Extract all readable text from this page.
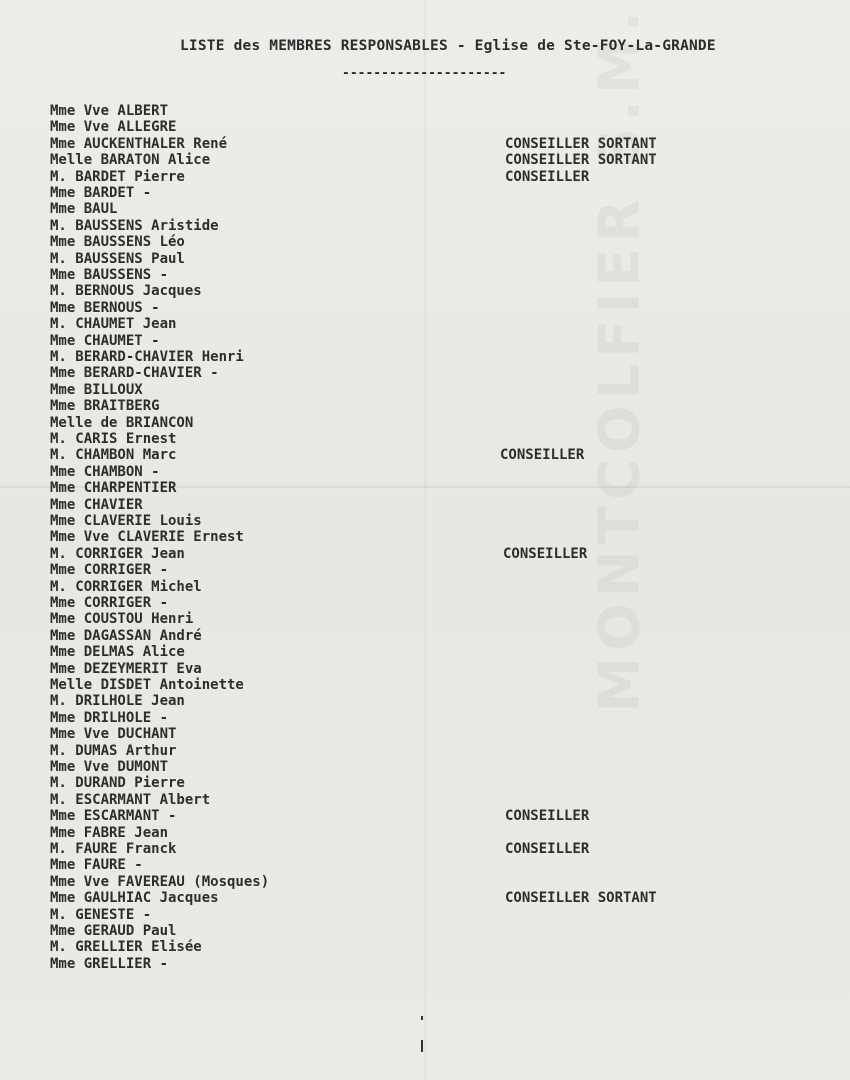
LISTE des MEMBRES RESPONSABLES - Eglise de Ste-FOY-La-GRANDE
---------------------
Mme Vve ALBERT
Mme Vve ALLEGRE
Mme AUCKENTHALER René	CONSEILLER SORTANT
Melle BARATON Alice	CONSEILLER SORTANT
M. BARDET Pierre	CONSEILLER
Mme BARDET -
Mme BAUL
M. BAUSSENS Aristide
Mme BAUSSENS Léo
M. BAUSSENS Paul
Mme BAUSSENS -
M. BERNOUS Jacques
Mme BERNOUS -
M. CHAUMET Jean
Mme CHAUMET -
M. BERARD-CHAVIER Henri
Mme BERARD-CHAVIER -
Mme BILLOUX
Mme BRAITBERG
Melle de BRIANCON
M. CARIS Ernest
M. CHAMBON Marc	CONSEILLER
Mme CHAMBON -
Mme CHARPENTIER
Mme CHAVIER
Mme CLAVERIE Louis
Mme Vve CLAVERIE Ernest
M. CORRIGER Jean	CONSEILLER
Mme CORRIGER -
M. CORRIGER Michel
Mme CORRIGER -
Mme COUSTOU Henri
Mme DAGASSAN André
Mme DELMAS Alice
Mme DEZEYMERIT Eva
Melle DISDET Antoinette
M. DRILHOLE Jean
Mme DRILHOLE -
Mme Vve DUCHANT
M. DUMAS Arthur
Mme Vve DUMONT
M. DURAND Pierre
M. ESCARMANT Albert
Mme ESCARMANT -	CONSEILLER
Mme FABRE Jean
M. FAURE Franck	CONSEILLER
Mme FAURE -
Mme Vve FAVEREAU (Mosques)
Mme GAULHIAC Jacques	CONSEILLER SORTANT
M. GENESTE -
Mme GERAUD Paul
M. GRELLIER Elisée
Mme GRELLIER -
